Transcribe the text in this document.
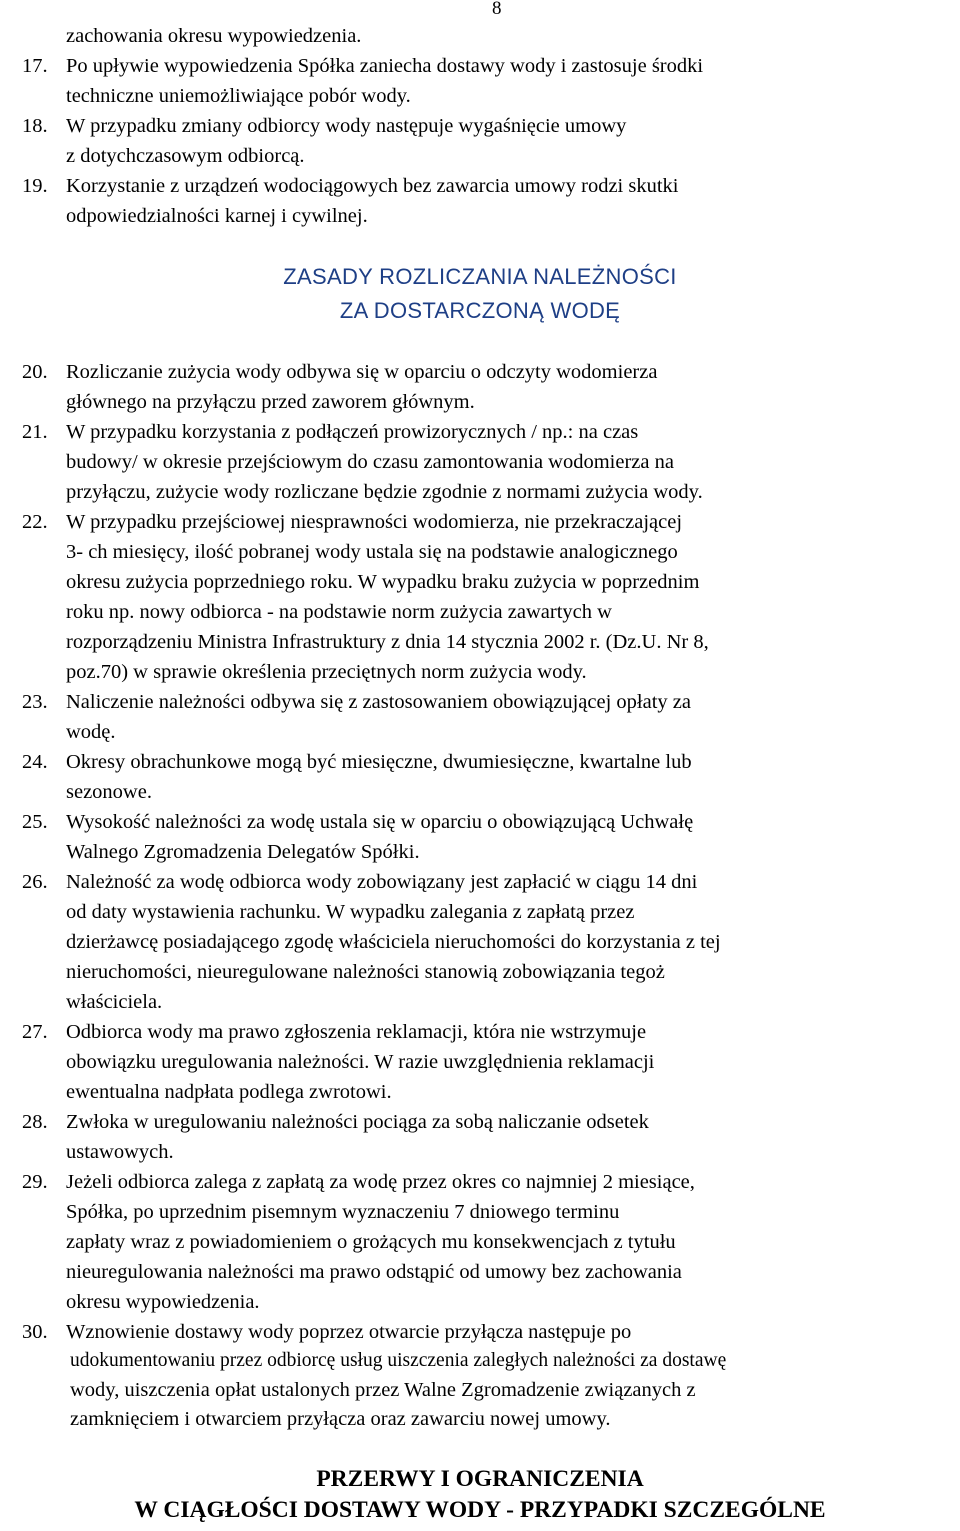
8
zachowania okresu wypowiedzenia.
17. Po upływie wypowiedzenia Spółka zaniecha dostawy wody i zastosuje środki
techniczne uniemożliwiające pobór wody.
18. W przypadku zmiany odbiorcy wody następuje wygaśnięcie umowy
z dotychczasowym odbiorcą.
19. Korzystanie z urządzeń wodociągowych bez zawarcia umowy rodzi skutki
odpowiedzialności karnej i cywilnej.
ZASADY ROZLICZANIA NALEŻNOŚCI
ZA DOSTARCZONĄ WODĘ
20. Rozliczanie zużycia wody odbywa się w oparciu o odczyty wodomierza
głównego na przyłączu przed zaworem głównym.
21. W przypadku korzystania z podłączeń prowizorycznych / np.: na czas
budowy/ w okresie przejściowym do czasu zamontowania wodomierza na
przyłączu, zużycie wody rozliczane będzie zgodnie z normami zużycia wody.
22. W przypadku przejściowej niesprawności wodomierza, nie przekraczającej
3- ch miesięcy, ilość pobranej wody ustala się na podstawie analogicznego
okresu zużycia poprzedniego roku. W wypadku braku zużycia w poprzednim
roku np. nowy odbiorca - na podstawie norm zużycia zawartych w
rozporządzeniu Ministra Infrastruktury z dnia 14 stycznia 2002 r. (Dz.U. Nr 8,
poz.70) w sprawie określenia przeciętnych norm zużycia wody.
23. Naliczenie należności odbywa się z zastosowaniem obowiązującej opłaty za
wodę.
24. Okresy obrachunkowe mogą być miesięczne, dwumiesięczne, kwartalne lub
sezonowe.
25. Wysokość należności za wodę ustala się w oparciu o obowiązującą Uchwałę
Walnego Zgromadzenia Delegatów Spółki.
26. Należność za wodę odbiorca wody zobowiązany jest zapłacić w ciągu 14 dni
od daty wystawienia rachunku. W wypadku zalegania z zapłatą przez
dzierżawcę posiadającego zgodę właściciela nieruchomości do korzystania z tej
nieruchomości, nieuregulowane należności stanowią zobowiązania tegoż
właściciela.
27. Odbiorca wody ma prawo zgłoszenia reklamacji, która nie wstrzymuje
obowiązku uregulowania należności. W razie uwzględnienia reklamacji
ewentualna nadpłata podlega zwrotowi.
28. Zwłoka w uregulowaniu należności pociąga za sobą naliczanie odsetek
ustawowych.
29. Jeżeli odbiorca zalega z zapłatą za wodę przez okres co najmniej 2 miesiące,
Spółka, po uprzednim pisemnym wyznaczeniu 7 dniowego terminu
zapłaty wraz z powiadomieniem o grożących mu konsekwencjach z tytułu
nieuregulowania należności ma prawo odstąpić od umowy bez zachowania
okresu wypowiedzenia.
30. Wznowienie dostawy wody poprzez otwarcie przyłącza następuje po
udokumentowaniu przez odbiorcę usług uiszczenia zaległych należności za dostawę
wody, uiszczenia opłat ustalonych przez Walne Zgromadzenie związanych z
zamknięciem i otwarciem przyłącza oraz zawarciu nowej umowy.
PRZERWY I OGRANICZENIA
W CIĄGŁOŚCI DOSTAWY WODY - PRZYPADKI SZCZEGÓLNE
